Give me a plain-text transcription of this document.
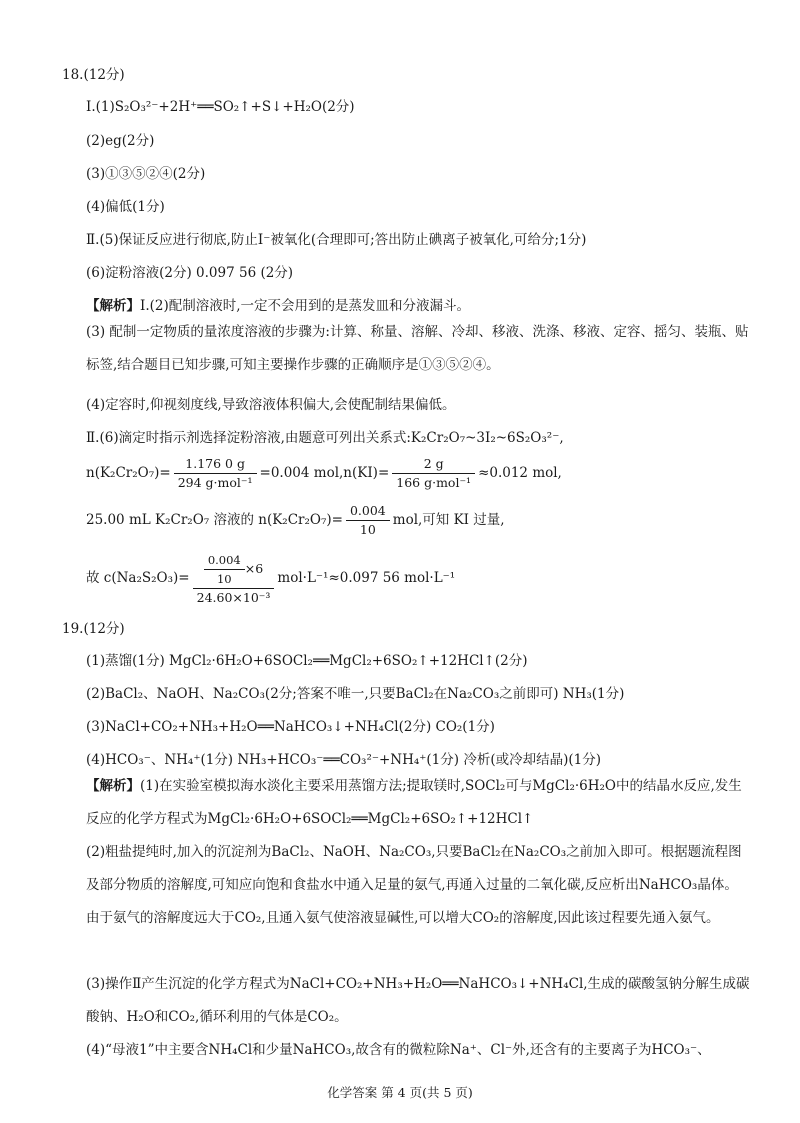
18.(12分)
Ⅰ.(1)S₂O₃²⁻+2H⁺══SO₂↑+S↓+H₂O(2分)
(2)eg(2分)
(3)①③⑤②④(2分)
(4)偏低(1分)
Ⅱ.(5)保证反应进行彻底,防止I⁻被氧化(合理即可;答出防止碘离子被氧化,可给分;1分)
(6)淀粉溶液(2分) 0.097 56 (2分)
【解析】Ⅰ.(2)配制溶液时,一定不会用到的是蒸发皿和分液漏斗。
(3) 配制一定物质的量浓度溶液的步骤为:计算、称量、溶解、冷却、移液、洗涤、移液、定容、摇匀、装瓶、贴标签,结合题目已知步骤,可知主要操作步骤的正确顺序是①③⑤②④。
(4)定容时,仰视刻度线,导致溶液体积偏大,会使配制结果偏低。
Ⅱ.(6)滴定时指示剂选择淀粉溶液,由题意可列出关系式:K₂Cr₂O₇~3I₂~6S₂O₃²⁻,
$n(K_2Cr_2O_7)= \frac{1.176 0 g}{\text{294 g·mol⁻¹}} =0.004$ $mol,n(KI)= \frac{2 g}{\text{166 g·mol⁻¹}} \approx 0.012$ mol,
25.00 mL K₂Cr₂O₇ 溶液的 $n(K_2Cr_2O_7)= \frac{0.004}{10}$ mol,可知 KI 过量,
故 $c(Na_2S_2O_3)= \frac{\frac{0.004}{10} \times 6}{\text{24.60×10⁻³}} mol\cdot L^{-1}\approx 0.097$ 56 mol·L⁻¹
19.(12分)
(1)蒸馏(1分) MgCl₂·6H₂O+6SOCl₂══MgCl₂+6SO₂↑+12HCl↑(2分)
(2)BaCl₂、NaOH、Na₂CO₃(2分;答案不唯一,只要BaCl₂在Na₂CO₃之前即可) NH₃(1分)
(3)NaCl+CO₂+NH₃+H₂O══NaHCO₃↓+NH₄Cl(2分) CO₂(1分)
(4)HCO₃⁻、NH₄⁺(1分) NH₃+HCO₃⁻══CO₃²⁻+NH₄⁺(1分) 冷析(或冷却结晶)(1分)
【解析】(1)在实验室模拟海水淡化主要采用蒸馏方法;提取镁时,SOCl₂可与MgCl₂·6H₂O中的结晶水反应,发生反应的化学方程式为MgCl₂·6H₂O+6SOCl₂══MgCl₂+6SO₂↑+12HCl↑
(2)粗盐提纯时,加入的沉淀剂为BaCl₂、NaOH、Na₂CO₃,只要BaCl₂在Na₂CO₃之前加入即可。根据题流程图及部分物质的溶解度,可知应向饱和食盐水中通入足量的氨气,再通入过量的二氧化碳,反应析出NaHCO₃晶体。由于氨气的溶解度远大于CO₂,且通入氨气使溶液显碱性,可以增大CO₂的溶解度,因此该过程要先通入氨气。
(3)操作Ⅱ产生沉淀的化学方程式为NaCl+CO₂+NH₃+H₂O══NaHCO₃↓+NH₄Cl,生成的碳酸氢钠分解生成碳酸钠、H₂O和CO₂,循环利用的气体是CO₂。
(4)“母液1”中主要含NH₄Cl和少量NaHCO₃,故含有的微粒除Na⁺、Cl⁻外,还含有的主要离子为HCO₃⁻、
化学答案 第 4 页(共 5 页)
